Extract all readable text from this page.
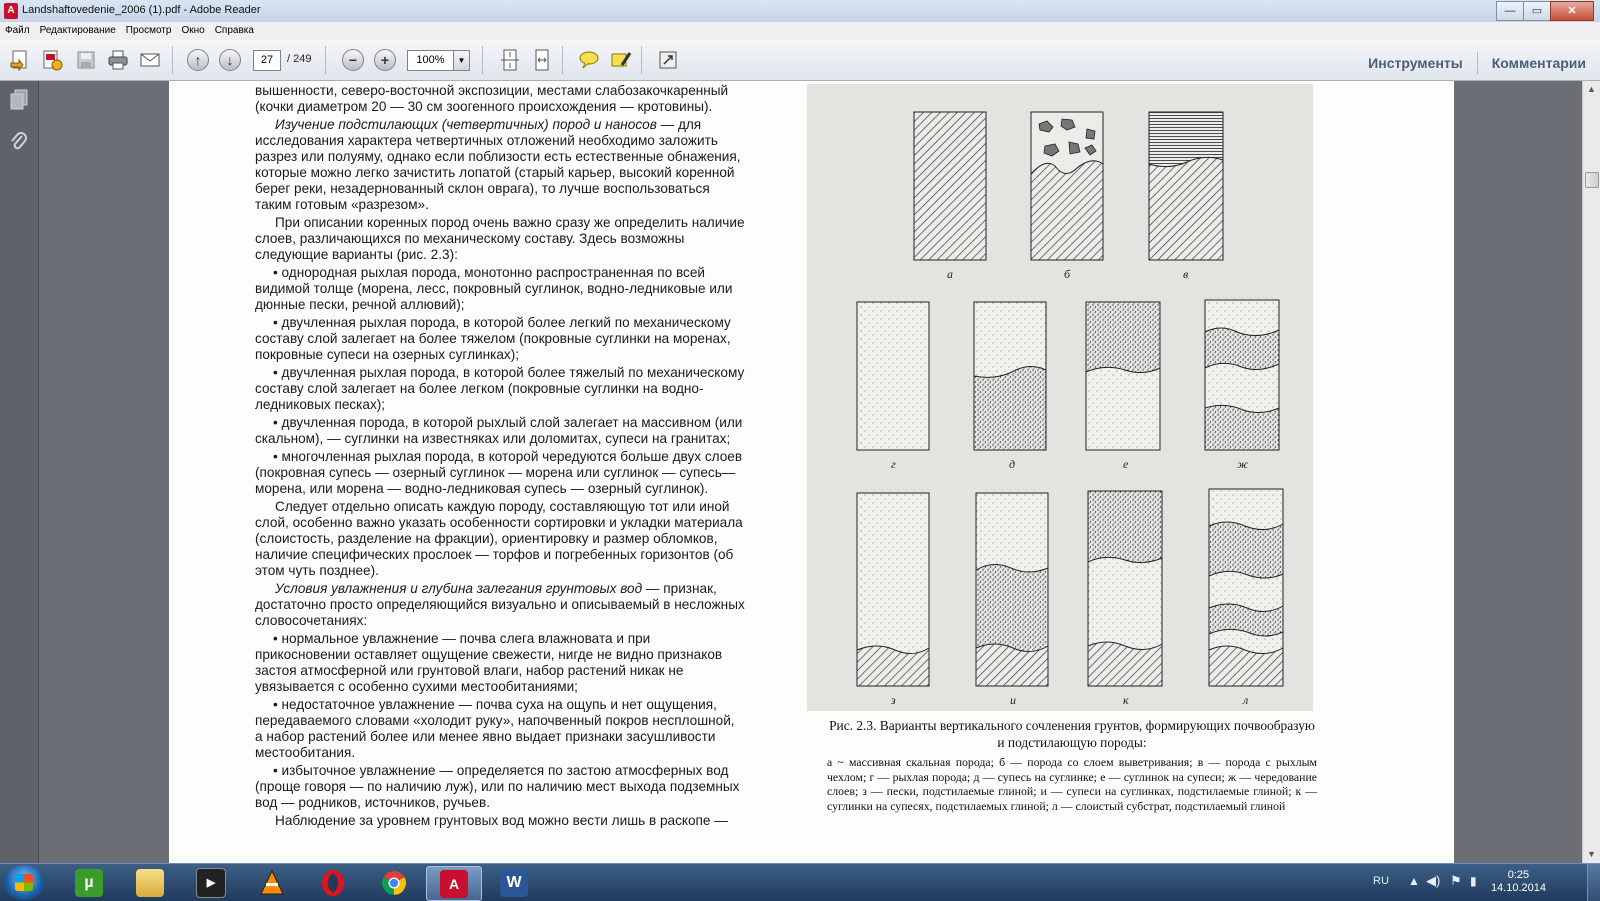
A Landshaftovedenie_2006 (1).pdf - Adobe Reader	—	▭	✕
Файл	Редактирование	Просмотр	Окно	Справка
↑	↓	27	/ 249	−	+	100%	▼	Инструменты Комментарии

вышенности, северо-восточной экспозиции, местами слабозакочкаренный (кочки диаметром 20 — 30 см зоогенного происхождения — кротовины).

Изучение подстилающих (четвертичных) пород и наносов — для исследования характера четвертичных отложений необходимо заложить разрез или полуяму, однако если поблизости есть естественные обнажения, которые можно легко зачистить лопатой (старый карьер, высокий коренной берег реки, незадернованный склон оврага), то лучше воспользоваться таким готовым «разрезом».

При описании коренных пород очень важно сразу же определить наличие слоев, различающихся по механическому составу. Здесь возможны следующие варианты (рис. 2.3):

• однородная рыхлая порода, монотонно распространенная по всей видимой толще (морена, лесс, покровный суглинок, водно-ледниковые или дюнные пески, речной аллювий);

• двучленная рыхлая порода, в которой более легкий по механическому составу слой залегает на более тяжелом (покровные суглинки на моренах, покровные супеси на озерных суглинках);

• двучленная рыхлая порода, в которой более тяжелый по механическому составу слой залегает на более легком (покровные суглинки на водно-ледниковых песках);

• двучленная порода, в которой рыхлый слой залегает на массивном (или скальном), — суглинки на известняках или доломитах, супеси на гранитах;

• многочленная рыхлая порода, в которой чередуются больше двух слоев (покровная супесь — озерный суглинок — морена или суглинок — супесь—морена, или морена — водно-ледниковая супесь — озерный суглинок).

Следует отдельно описать каждую породу, составляющую тот или иной слой, особенно важно указать особенности сортировки и укладки материала (слоистость, разделение на фракции), ориентировку и размер обломков, наличие специфических прослоек — торфов и погребенных горизонтов (об этом чуть позднее).

Условия увлажнения и глубина залегания грунтовых вод — признак, достаточно просто определяющийся визуально и описываемый в несложных словосочетаниях:

• нормальное увлажнение — почва слега влажновата и при прикосновении оставляет ощущение свежести, нигде не видно признаков застоя атмосферной или грунтовой влаги, набор растений никак не увязывается с особенно сухими местообитаниями;

• недостаточное увлажнение — почва суха на ощупь и нет ощущения, передаваемого словами «холодит руку», напочвенный покров несплошной, а набор растений более или менее явно выдает признаки засушливости местообитания.

• избыточное увлажнение — определяется по застою атмосферных вод (проще говоря — по наличию луж), или по наличию мест выхода подземных вод — родников, источников, ручьев.

Наблюдение за уровнем грунтовых вод можно вести лишь в раскопе —

а	б	в
г	д	е	ж
з	и	к	л
Рис. 2.3. Варианты вертикального сочленения грунтов, формирующих почвообразую и подстилающую породы:
а ~ массивная скальная порода; б — порода со слоем выветривания; в — порода с рыхлым чехлом; г — рыхлая порода; д — супесь на суглинке; е — суглинок на супеси; ж — чередование слоев; з — пески, подстилаемые глиной; и — супеси на суглинках, подстилаемые глиной; к — суглинки на супесях, подстилаемых глиной; л — слоистый субстрат, подстилаемый глиной
▲
▼
µ	▶	A	W	RU ▲ ◀) ⚑ ▮	0:25
14.10.2014
